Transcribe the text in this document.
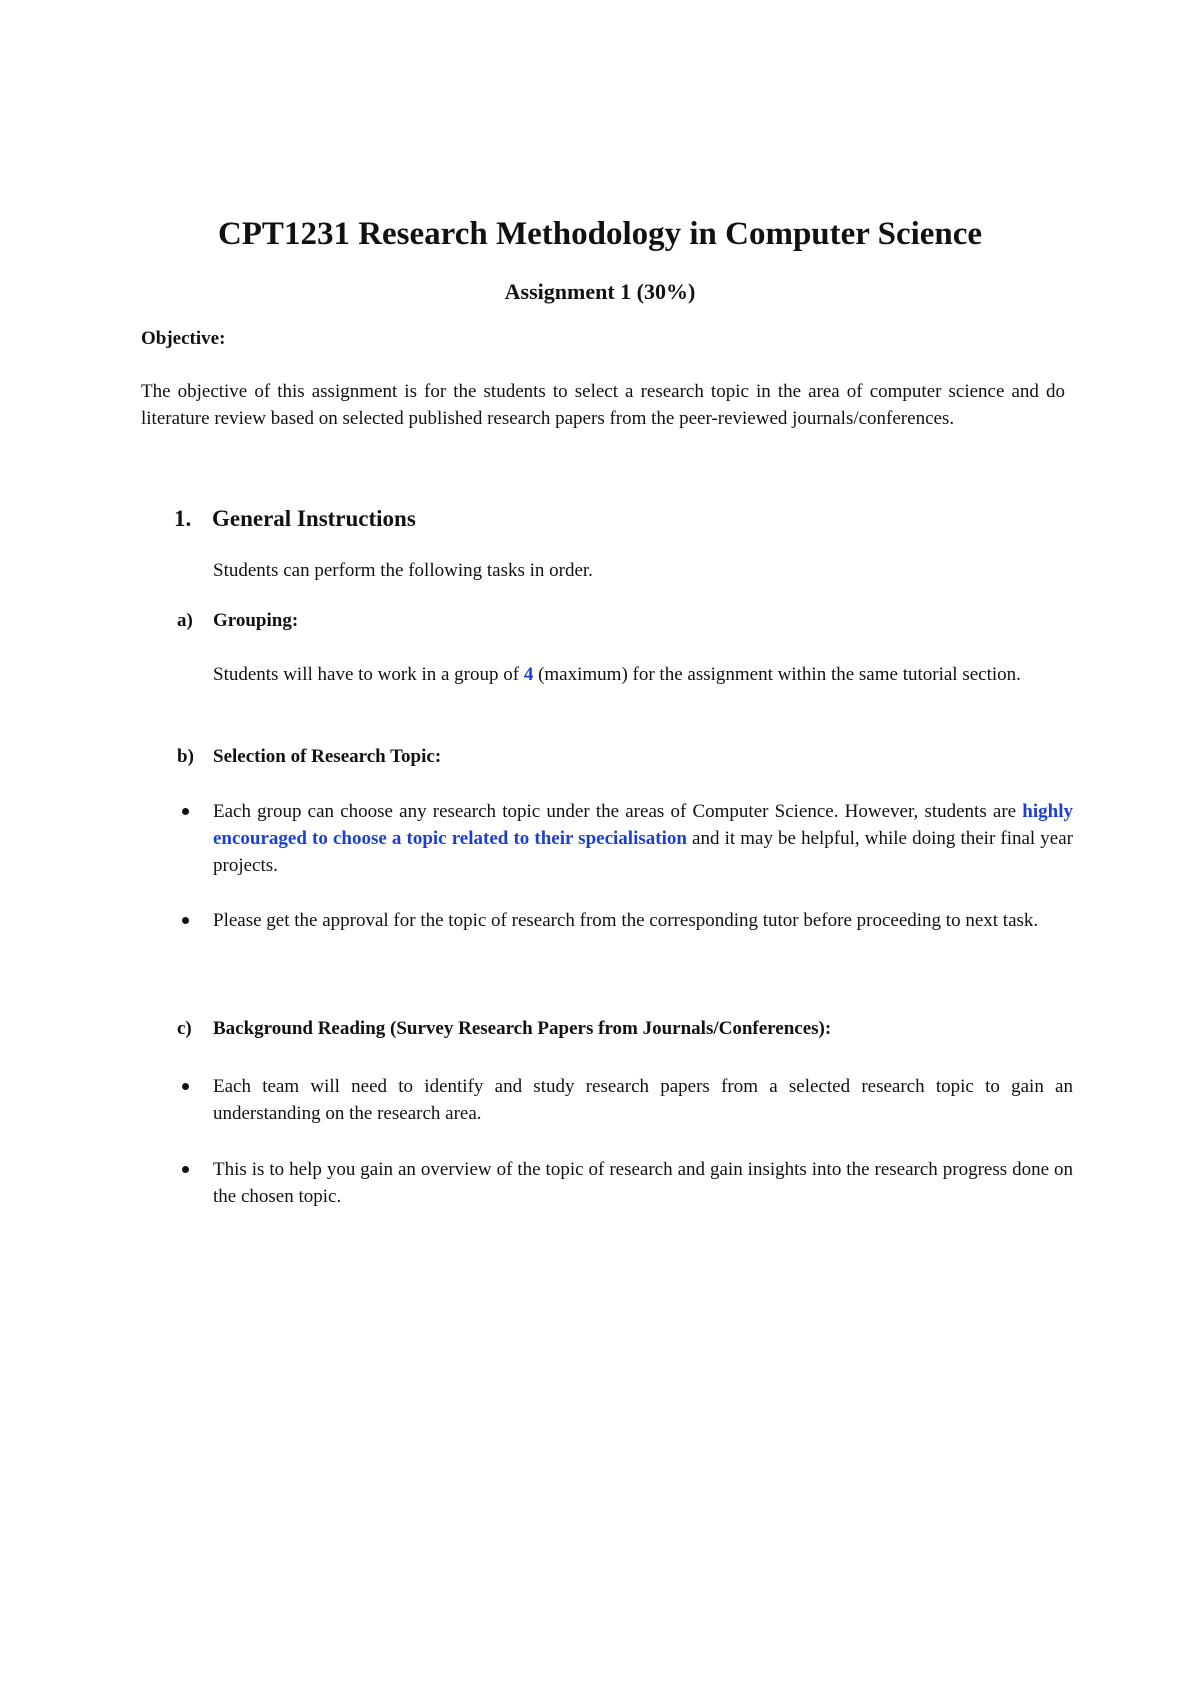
CPT1231 Research Methodology in Computer Science
Assignment 1 (30%)
Objective:
The objective of this assignment is for the students to select a research topic in the area of computer science and do literature review based on selected published research papers from the peer-reviewed journals/conferences.
1. General Instructions
Students can perform the following tasks in order.
a) Grouping:
Students will have to work in a group of 4 (maximum) for the assignment within the same tutorial section.
b) Selection of Research Topic:
Each group can choose any research topic under the areas of Computer Science. However, students are highly encouraged to choose a topic related to their specialisation and it may be helpful, while doing their final year projects.
Please get the approval for the topic of research from the corresponding tutor before proceeding to next task.
c) Background Reading (Survey Research Papers from Journals/Conferences):
Each team will need to identify and study research papers from a selected research topic to gain an understanding on the research area.
This is to help you gain an overview of the topic of research and gain insights into the research progress done on the chosen topic.
